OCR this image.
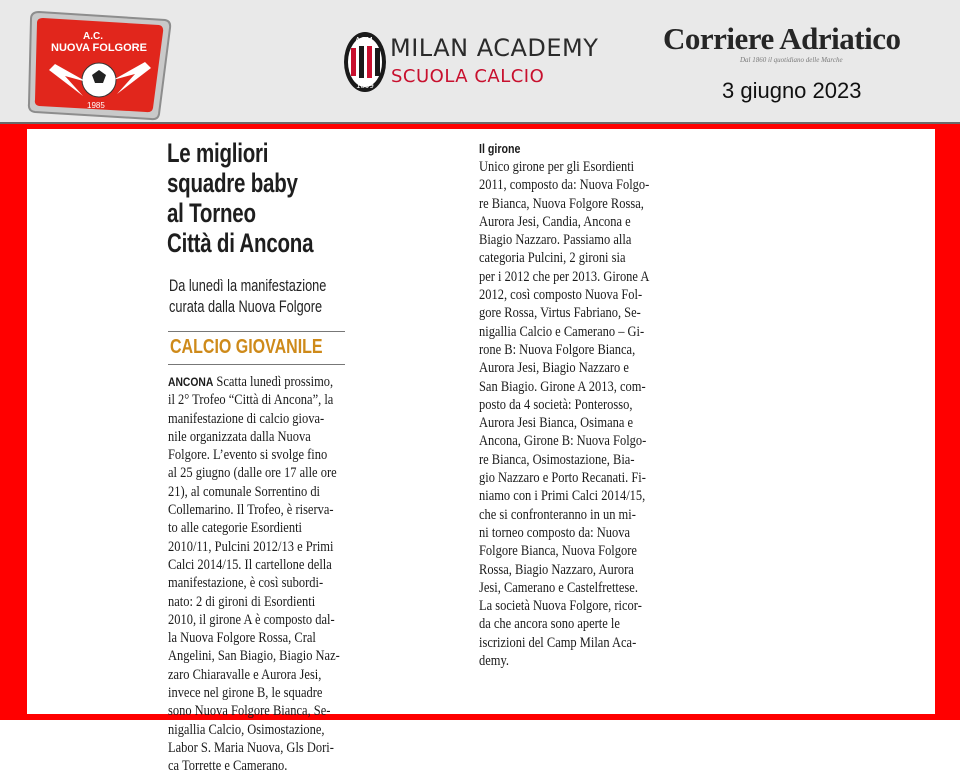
A.C.
NUOVA FOLGORE
1985
ACM
1899
MILAN ACADEMY
SCUOLA CALCIO
Corriere Adriatico
Dal 1860 il quotidiano delle Marche
3 giugno 2023
Le migliori
squadre baby
al Torneo
Città di Ancona
Da lunedì la manifestazione
curata dalla Nuova Folgore
CALCIO GIOVANILE
ANCONA Scatta lunedì prossimo,
il 2° Trofeo “Città di Ancona”, la
manifestazione di calcio giova-
nile organizzata dalla Nuova
Folgore. L’evento si svolge fino
al 25 giugno (dalle ore 17 alle ore
21), al comunale Sorrentino di
Collemarino. Il Trofeo, è riserva-
to alle categorie Esordienti
2010/11, Pulcini 2012/13 e Primi
Calci 2014/15. Il cartellone della
manifestazione, è così subordi-
nato: 2 di gironi di Esordienti
2010, il girone A è composto dal-
la Nuova Folgore Rossa, Cral
Angelini, San Biagio, Biagio Naz-
zaro Chiaravalle e Aurora Jesi,
invece nel girone B, le squadre
sono Nuova Folgore Bianca, Se-
nigallia Calcio, Osimostazione,
Labor S. Maria Nuova, Gls Dori-
ca Torrette e Camerano.
Il girone
Unico girone per gli Esordienti
2011, composto da: Nuova Folgo-
re Bianca, Nuova Folgore Rossa,
Aurora Jesi, Candia, Ancona e
Biagio Nazzaro. Passiamo alla
categoria Pulcini, 2 gironi sia
per i 2012 che per 2013. Girone A
2012, così composto Nuova Fol-
gore Rossa, Virtus Fabriano, Se-
nigallia Calcio e Camerano – Gi-
rone B: Nuova Folgore Bianca,
Aurora Jesi, Biagio Nazzaro e
San Biagio. Girone A 2013, com-
posto da 4 società: Ponterosso,
Aurora Jesi Bianca, Osimana e
Ancona, Girone B: Nuova Folgo-
re Bianca, Osimostazione, Bia-
gio Nazzaro e Porto Recanati. Fi-
niamo con i Primi Calci 2014/15,
che si confronteranno in un mi-
ni torneo composto da: Nuova
Folgore Bianca, Nuova Folgore
Rossa, Biagio Nazzaro, Aurora
Jesi, Camerano e Castelfrettese.
La società Nuova Folgore, ricor-
da che ancora sono aperte le
iscrizioni del Camp Milan Aca-
demy.
